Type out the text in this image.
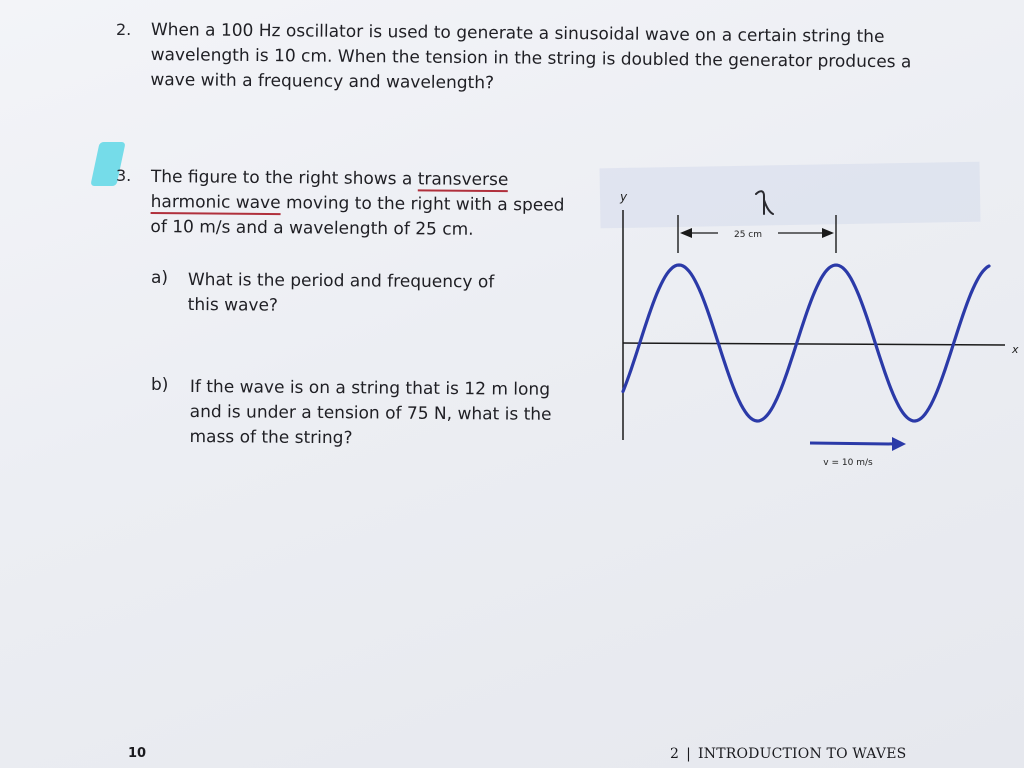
2. When a 100 Hz oscillator is used to generate a sinusoidal wave on a certain string the
wavelength is 10 cm. When the tension in the string is doubled the generator produces a
wave with a frequency and wavelength?
3. The figure to the right shows a transverse
harmonic wave moving to the right with a speed
of 10 m/s and a wavelength of 25 cm.
a) What is the period and frequency of
this wave?
b) If the wave is on a string that is 12 m long
and is under a tension of 75 N, what is the
mass of the string?
y
x
25 cm
v = 10 m/s
10	2 | INTRODUCTION TO WAVES
